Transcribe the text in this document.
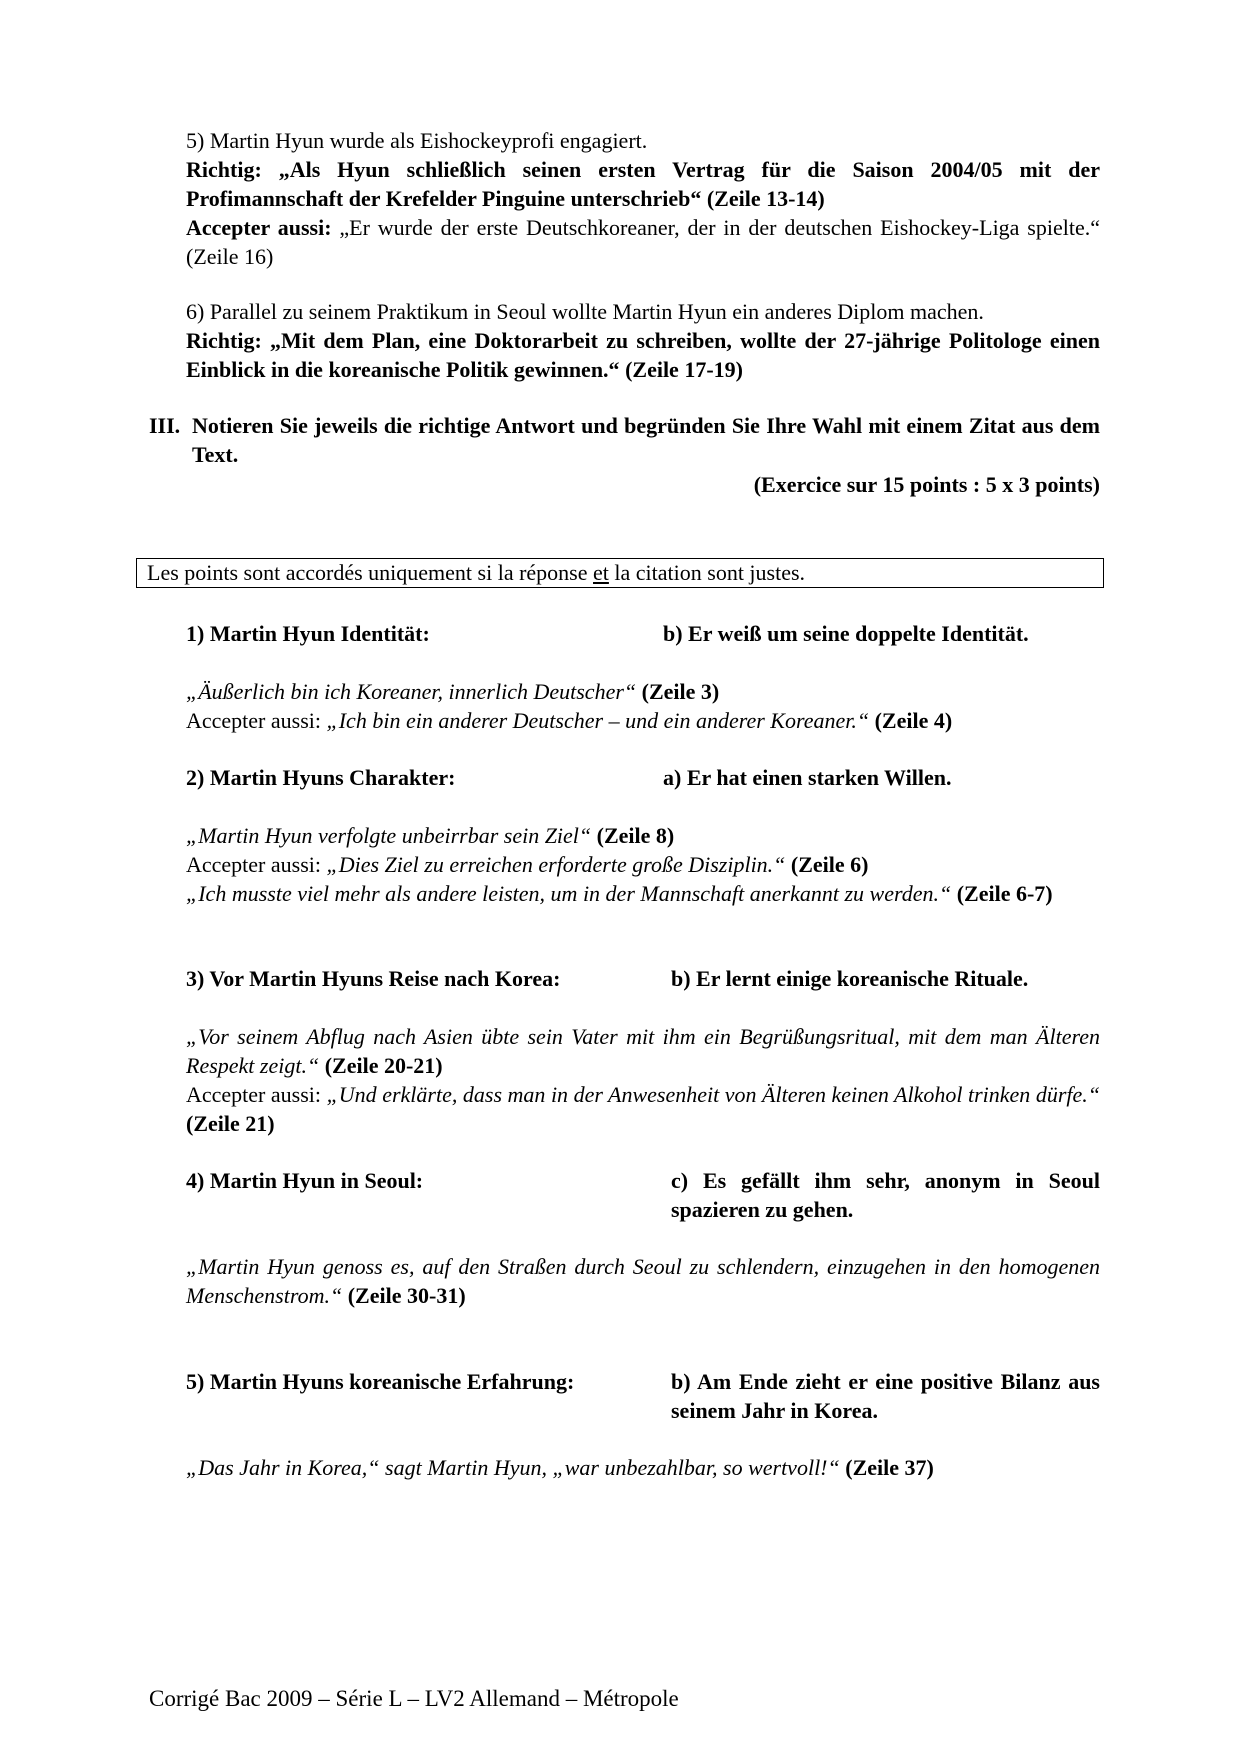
5) Martin Hyun wurde als Eishockeyprofi engagiert.

Richtig: „Als Hyun schließlich seinen ersten Vertrag für die Saison 2004/05 mit der Profimannschaft der Krefelder Pinguine unterschrieb“ (Zeile 13-14)

Accepter aussi: „Er wurde der erste Deutschkoreaner, der in der deutschen Eishockey-Liga spielte.“ (Zeile 16)

6) Parallel zu seinem Praktikum in Seoul wollte Martin Hyun ein anderes Diplom machen.

Richtig: „Mit dem Plan, eine Doktorarbeit zu schreiben, wollte der 27-jährige Politologe einen Einblick in die koreanische Politik gewinnen.“ (Zeile 17-19)

III. Notieren Sie jeweils die richtige Antwort und begründen Sie Ihre Wahl mit einem Zitat aus dem Text.

(Exercice sur 15 points : 5 x 3 points)

Les points sont accordés uniquement si la réponse et la citation sont justes.
1) Martin Hyun Identität:	b) Er weiß um seine doppelte Identität.

„Äußerlich bin ich Koreaner, innerlich Deutscher“ (Zeile 3)

Accepter aussi: „Ich bin ein anderer Deutscher – und ein anderer Koreaner.“ (Zeile 4)

2) Martin Hyuns Charakter:	a) Er hat einen starken Willen.

„Martin Hyun verfolgte unbeirrbar sein Ziel“ (Zeile 8)

Accepter aussi: „Dies Ziel zu erreichen erforderte große Disziplin.“ (Zeile 6)

„Ich musste viel mehr als andere leisten, um in der Mannschaft anerkannt zu werden.“ (Zeile 6-7)

3) Vor Martin Hyuns Reise nach Korea:	b) Er lernt einige koreanische Rituale.

„Vor seinem Abflug nach Asien übte sein Vater mit ihm ein Begrüßungsritual, mit dem man Älteren Respekt zeigt.“ (Zeile 20-21)

Accepter aussi: „Und erklärte, dass man in der Anwesenheit von Älteren keinen Alkohol trinken dürfe.“ (Zeile 21)

4) Martin Hyun in Seoul:	c) Es gefällt ihm sehr, anonym in Seoul spazieren zu gehen.

„Martin Hyun genoss es, auf den Straßen durch Seoul zu schlendern, einzugehen in den homogenen Menschenstrom.“ (Zeile 30-31)

5) Martin Hyuns koreanische Erfahrung:	b) Am Ende zieht er eine positive Bilanz aus seinem Jahr in Korea.

„Das Jahr in Korea,“ sagt Martin Hyun, „war unbezahlbar, so wertvoll!“ (Zeile 37)

Corrigé Bac 2009 – Série L – LV2 Allemand – Métropole
